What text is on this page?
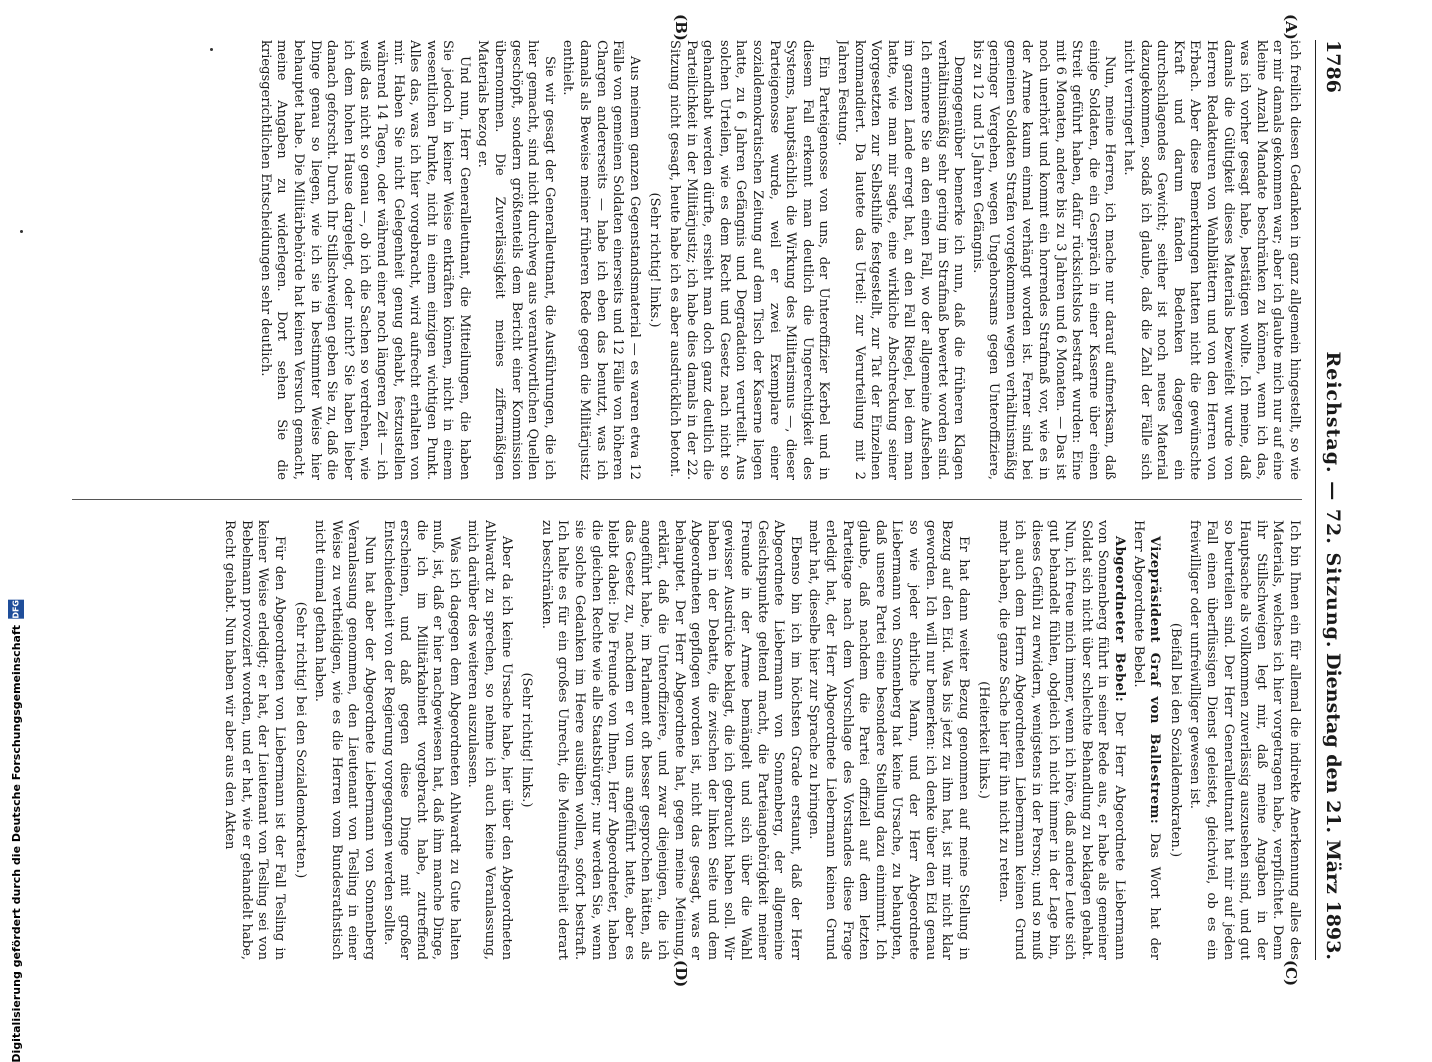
1786
Reichstag. — 72. Sitzung.
Dienstag den 21. März 1893.
(A)
(B)
(C)
(D)

ich freilich diesen Gedanken in ganz allgemein hingestellt, so wie er mir damals gekommen war; aber ich glaubte mich nur auf eine kleine Anzahl Mandate beschränken zu können, wenn ich das, was ich vorher gesagt habe, bestätigen wollte. Ich meine, daß damals die Gültigkeit dieses Materials bezweifelt wurde von Herren Redakteuren von Wahlblättern und von den Herren von Erbach. Aber diese Bemerkungen hatten nicht die gewünschte Kraft und darum fanden Bedenken dagegen ein durchschlagendes Gewicht; seither ist noch neues Material dazugekommen, sodaß ich glaube, daß die Zahl der Fälle sich nicht verringert hat.

Nun, meine Herren, ich mache nur darauf aufmerksam, daß einige Soldaten, die ein Gespräch in einer Kaserne über einen Streit geführt haben, dafür rücksichtslos bestraft wurden: Eine mit 6 Monaten, andere bis zu 3 Jahren und 6 Monaten. — Das ist noch unerhört und kommt ein horrendes Strafmaß vor, wie es in der Armee kaum einmal verhängt worden ist. Ferner sind bei gemeinen Soldaten Strafen vorgekommen wegen verhältnismäßig geringer Vergehen, wegen Ungehorsams gegen Unteroffiziere, bis zu 12 und 15 Jahren Gefängnis.

Demgegenüber bemerke ich nun, daß die früheren Klagen verhältnismäßig sehr gering im Strafmaß bewertet worden sind. Ich erinnere Sie an den einen Fall, wo der allgemeine Aufsehen im ganzen Lande erregt hat, an den Fall Riegel, bei dem man hatte, wie man mir sagte, eine wirkliche Abschreckung seiner Vorgesetzten zur Selbsthilfe festgestellt, zur Tat der Einzelnen kommandiert. Da lautete das Urteil: zur Verurteilung mit 2 Jahren Festung.

Ein Parteigenosse von uns, der Unteroffizier Kerbel und in diesem Fall erkennt man deutlich die Ungerechtigkeit des Systems, hauptsächlich die Wirkung des Militarismus —, dieser Parteigenosse wurde, weil er zwei Exemplare einer sozialdemokratischen Zeitung auf dem Tisch der Kaserne liegen hatte, zu 6 Jahren Gefängnis und Degradation verurteilt. Aus solchen Urteilen, wie es dem Recht und Gesetz nach nicht so gehandhabt werden dürfte, ersieht man doch ganz deutlich die Parteilichkeit in der Militärjustiz; ich habe dies damals in der 22. Sitzung nicht gesagt, heute habe ich es aber ausdrücklich betont.

(Sehr richtig! links.)

Aus meinem ganzen Gegenstandsmaterial — es waren etwa 12 Fälle von gemeinen Soldaten einerseits und 12 Fälle von höheren Chargen andererseits — habe ich eben das benutzt, was ich damals als Beweise meiner früheren Rede gegen die Militärjustiz enthielt.

Sie wir gesagt der Generalleutnant, die Ausführungen, die ich hier gemacht, sind nicht durchweg aus verantwortlichen Quellen geschöpft, sondern größtenteils dem Bericht einer Kommission übernommen. Die Zuverlässigkeit meines ziffermäßigen Materials bezog er.

Und nun, Herr Generalleutnant, die Mitteilungen, die haben Sie jedoch in keiner Weise entkräften können, nicht in einem wesentlichen Punkte, nicht in einem einzigen wichtigen Punkt. Alles das, was ich hier vorgebracht, wird aufrecht erhalten von mir. Haben Sie nicht Gelegenheit genug gehabt, festzustellen während 14 Tagen, oder während einer noch längeren Zeit — ich weiß das nicht so genau —, ob ich die Sachen so verdrehen, wie ich dem hohen Hause dargelegt, oder nicht? Sie haben lieber danach geforscht. Durch Ihr Stillschweigen geben Sie zu, daß die Dinge genau so liegen, wie ich sie in bestimmter Weise hier behauptet habe. Die Militärbehörde hat keinen Versuch gemacht, meine Angaben zu widerlegen. Dort sehen Sie die kriegsgerichtlichen Entscheidungen sehr deutlich.

Ich bin Ihnen ein für allemal die indirekte Anerkennung alles des Materials, welches ich hier vorgetragen habe, verpflichtet. Denn ihr Stillschweigen legt mir, daß meine Angaben in der Hauptsache als vollkommen zuverlässig auszusehen sind, und gut so beurteilen sind. Der Herr Generalleutnant hat mir auf jeden Fall einen überflüssigen Dienst geleistet, gleichviel, ob es ein freiwilliger oder unfreiwilliger gewesen ist.

(Beifall bei den Sozialdemokraten.)

Vizepräsident Graf von Ballestrem: Das Wort hat der Herr Abgeordnete Bebel.

Abgeordneter Bebel: Der Herr Abgeordnete Liebermann von Sonnenberg führt in seiner Rede aus, er habe als gemeiner Soldat sich nicht über schlechte Behandlung zu beklagen gehabt. Nun, ich freue mich immer, wenn ich höre, daß andere Leute sich gut behandelt fühlen, obgleich ich nicht immer in der Lage bin, dieses Gefühl zu erwidern, wenigstens in der Person; und so muß ich auch dem Herrn Abgeordneten Liebermann keinen Grund mehr haben, die ganze Sache hier für ihn nicht zu retten.

(Heiterkeit links.)

Er hat dann weiter Bezug genommen auf meine Stellung in Bezug auf den Eid. Was bis jetzt zu ihm hat, ist mir nicht klar geworden. Ich will nur bemerken: ich denke über den Eid genau so wie jeder ehrliche Mann, und der Herr Abgeordnete Liebermann von Sonnenberg hat keine Ursache, zu behaupten, daß unsere Partei eine besondere Stellung dazu einnimmt. Ich glaube, daß nachdem die Partei offiziell auf dem letzten Parteitage nach dem Vorschlage des Vorstandes diese Frage erledigt hat, der Herr Abgeordnete Liebermann keinen Grund mehr hat, dieselbe hier zur Sprache zu bringen.

Ebenso bin ich im höchsten Grade erstaunt, daß der Herr Abgeordnete Liebermann von Sonnenberg, der allgemeine Gesichtspunkte geltend macht, die Parteiangehörigkeit meiner Freunde in der Armee bemängelt und sich über die Wahl gewisser Ausdrücke beklagt, die ich gebraucht haben soll. Wir haben in der Debatte, die zwischen der linken Seite und dem Abgeordneten gepflogen worden ist, nicht das gesagt, was er behauptet. Der Herr Abgeordnete hat, gegen meine Meinung, erklärt, daß die Unteroffiziere, und zwar diejenigen, die ich angeführt habe, im Parlament oft besser gesprochen hätten, als das Gesetz zu, nachdem er von uns angeführt hatte, aber es bleibt dabei: Die Freunde von Ihnen, Herr Abgeordneter, haben die gleichen Rechte wie alle Staatsbürger; nur werden Sie, wenn sie solche Gedanken im Heere ausüben wollen, sofort bestraft. Ich halte es für ein großes Unrecht, die Meinungsfreiheit derart zu beschränken.

(Sehr richtig! links.)

Aber da ich keine Ursache habe, hier über den Abgeordneten Ahlwardt zu sprechen, so nehme ich auch keine Veranlassung, mich darüber des weiteren auszulassen.

Was ich dagegen dem Abgeordneten Ahlwardt zu Gute halten muß, ist, daß er hier nachgewiesen hat, daß ihm manche Dinge, die ich im Militärkabinett vorgebracht habe, zutreffend erscheinen, und daß gegen diese Dinge mit großer Entschiedenheit von der Regierung vorgegangen werden sollte.

Nun hat aber der Abgeordnete Liebermann von Sonnenberg Veranlassung genommen, den Lieutenant von Tesling in einer Weise zu vertheidigen, wie es die Herren vom Bundesrathstisch nicht einmal gethan haben.

(Sehr richtig! bei den Sozialdemokraten.)

Für den Abgeordneten von Liebermann ist der Fall Tesling in keiner Weise erledigt; er hat, der Lieutenant von Tesling sei von Bebelmann provoziert worden, und er hat, wie er gehandelt habe, Recht gehabt. Nun haben wir aber aus den Akten

DFG
Digitalisierung gefördert durch die Deutsche Forschungsgemeinschaft
